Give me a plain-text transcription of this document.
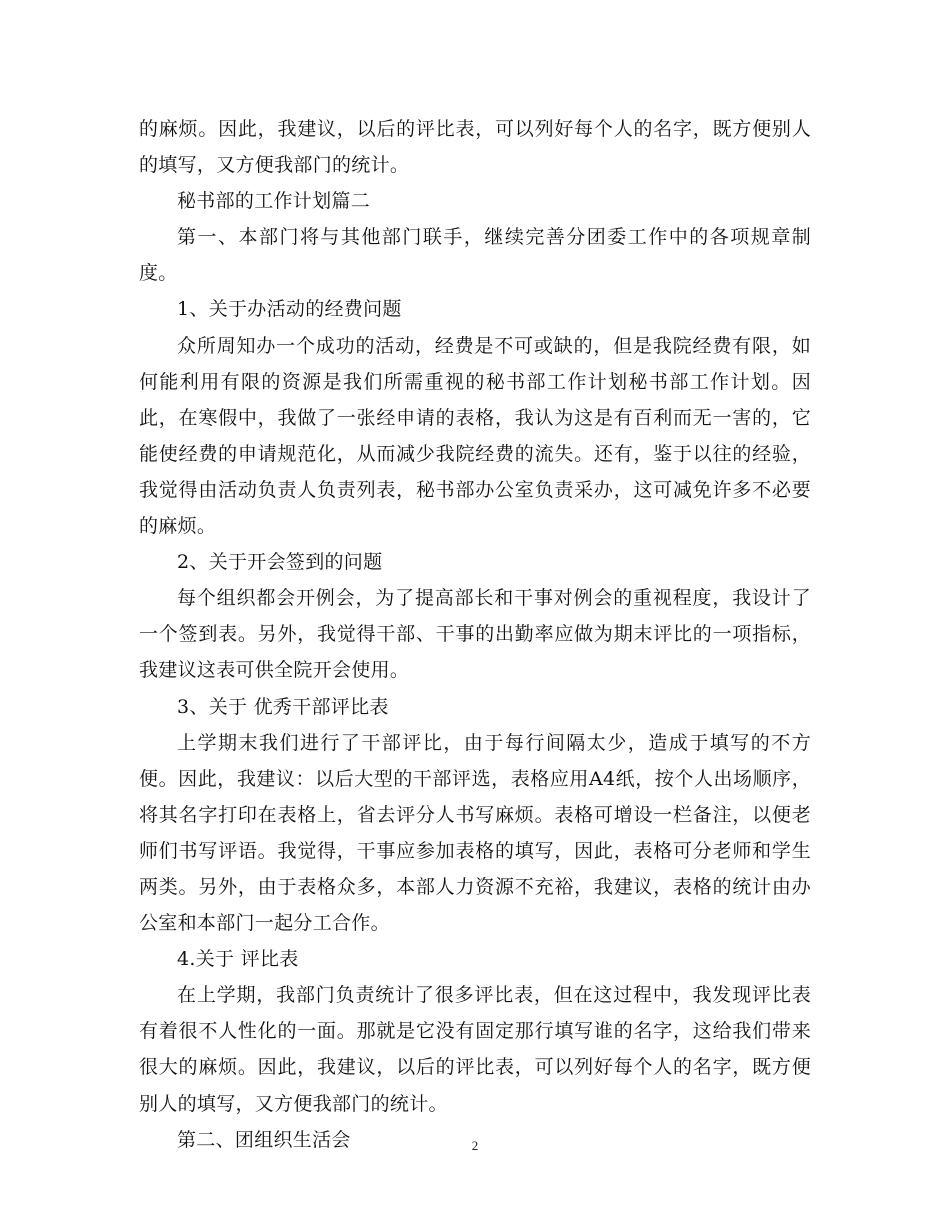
的麻烦。因此，我建议，以后的评比表，可以列好每个人的名字，既方便别人的填写，又方便我部门的统计。

秘书部的工作计划篇二

第一、本部门将与其他部门联手，继续完善分团委工作中的各项规章制度。

1、关于办活动的经费问题

众所周知办一个成功的活动，经费是不可或缺的，但是我院经费有限，如何能利用有限的资源是我们所需重视的秘书部工作计划秘书部工作计划。因此，在寒假中，我做了一张经申请的表格，我认为这是有百利而无一害的，它能使经费的申请规范化，从而减少我院经费的流失。还有，鉴于以往的经验，我觉得由活动负责人负责列表，秘书部办公室负责采办，这可减免许多不必要的麻烦。

2、关于开会签到的问题

每个组织都会开例会，为了提高部长和干事对例会的重视程度，我设计了一个签到表。另外，我觉得干部、干事的出勤率应做为期末评比的一项指标，我建议这表可供全院开会使用。

3、关于 优秀干部评比表

上学期末我们进行了干部评比，由于每行间隔太少，造成于填写的不方便。因此，我建议：以后大型的干部评选，表格应用A4纸，按个人出场顺序，将其名字打印在表格上，省去评分人书写麻烦。表格可增设一栏备注，以便老师们书写评语。我觉得，干事应参加表格的填写，因此，表格可分老师和学生两类。另外，由于表格众多，本部人力资源不充裕，我建议，表格的统计由办公室和本部门一起分工合作。

4.关于 评比表

在上学期，我部门负责统计了很多评比表，但在这过程中，我发现评比表有着很不人性化的一面。那就是它没有固定那行填写谁的名字，这给我们带来很大的麻烦。因此，我建议，以后的评比表，可以列好每个人的名字，既方便别人的填写，又方便我部门的统计。

第二、团组织生活会	2
